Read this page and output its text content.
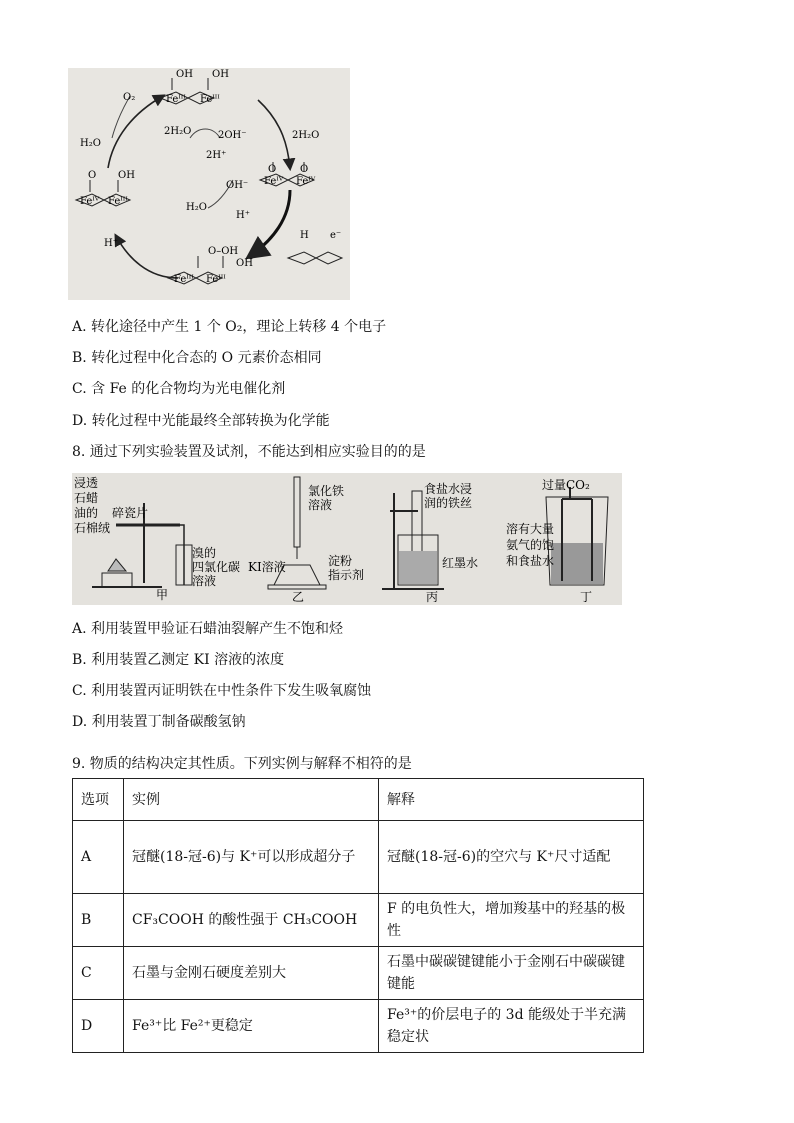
OH OH
Feᴵᴵᴵ Feᴵᴵᴵ
O₂
H₂O
2H₂O	2OH⁻	2H₂O
2H⁺
O O
Feᴵⱽ Feᴵⱽ
OH⁻
H₂O
H⁺
H⁺
e⁻
H
O–OH
OH
Feᴵᴵᴵ Feᴵᴵᴵ
O OH
Feᴵⱽ Feᴵᴵᴵ
A. 转化途径中产生 1 个 O₂，理论上转移 4 个电子
B. 转化过程中化合态的 O 元素价态相同
C. 含 Fe 的化合物均为光电催化剂
D. 转化过程中光能最终全部转换为化学能
8. 通过下列实验装置及试剂，不能达到相应实验目的的是
浸透
石蜡
油的
石棉绒
碎瓷片
溴的
四氯化碳
溶液
甲
氯化铁
溶液
KI溶液	淀粉
指示剂
乙
食盐水浸
润的铁丝
红墨水
丙
过量CO₂
溶有大量
氨气的饱
和食盐水
丁
A. 利用装置甲验证石蜡油裂解产生不饱和烃
B. 利用装置乙测定 KI 溶液的浓度
C. 利用装置丙证明铁在中性条件下发生吸氧腐蚀
D. 利用装置丁制备碳酸氢钠
9. 物质的结构决定其性质。下列实例与解释不相符的是
选项	实例	解释
A	冠醚(18-冠-6)与 K⁺可以形成超分子	冠醚(18-冠-6)的空穴与 K⁺尺寸适配
B	CF₃COOH 的酸性强于 CH₃COOH	F 的电负性大，增加羧基中的羟基的极性
C	石墨与金刚石硬度差别大	石墨中碳碳键键能小于金刚石中碳碳键键能
D	Fe³⁺比 Fe²⁺更稳定	Fe³⁺的价层电子的 3d 能级处于半充满稳定状
